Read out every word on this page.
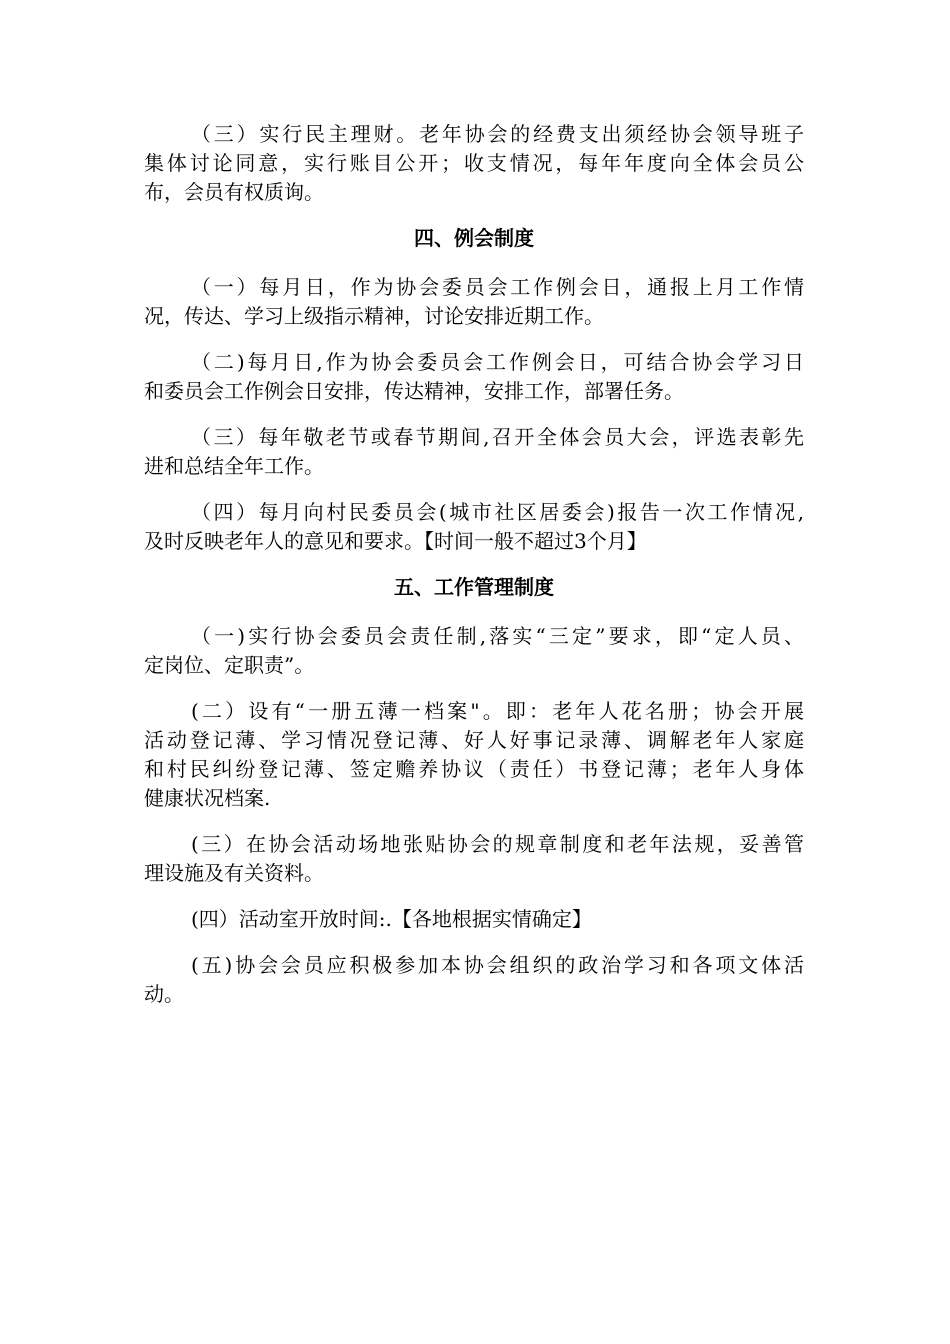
（三）实行民主理财。老年协会的经费支出须经协会领导班子
集体讨论同意，实行账目公开；收支情况，每年年度向全体会员公
布，会员有权质询。

四、例会制度

（一）每月日，作为协会委员会工作例会日，通报上月工作情
况，传达、学习上级指示精神，讨论安排近期工作。

（二)每月日,作为协会委员会工作例会日，可结合协会学习日
和委员会工作例会日安排，传达精神，安排工作，部署任务。

（三）每年敬老节或春节期间,召开全体会员大会，评选表彰先
进和总结全年工作。

（四）每月向村民委员会(城市社区居委会)报告一次工作情况,
及时反映老年人的意见和要求。【时间一般不超过3个月】

五、工作管理制度

（一)实行协会委员会责任制,落实“三定”要求，即“定人员、
定岗位、定职责”。

(二）设有“一册五薄一档案"。即：老年人花名册；协会开展
活动登记薄、学习情况登记薄、好人好事记录薄、调解老年人家庭
和村民纠纷登记薄、签定赡养协议（责任）书登记薄；老年人身体
健康状况档案.

(三）在协会活动场地张贴协会的规章制度和老年法规，妥善管
理设施及有关资料。

(四）活动室开放时间:.【各地根据实情确定】

(五)协会会员应积极参加本协会组织的政治学习和各项文体活
动。
